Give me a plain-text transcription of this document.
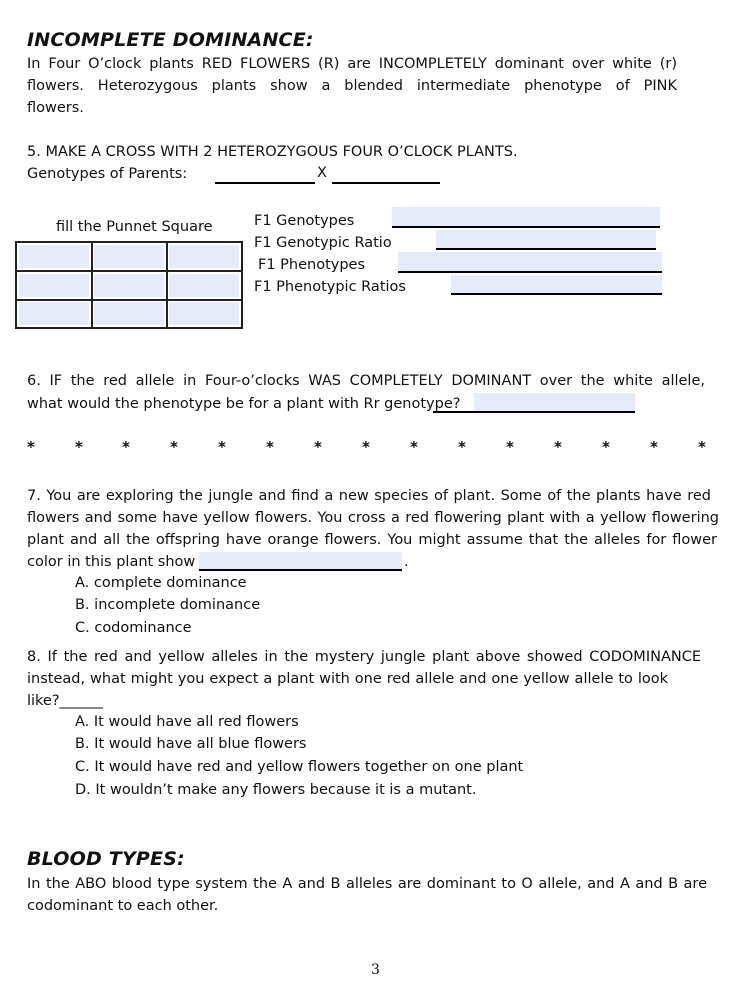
INCOMPLETE DOMINANCE:
In Four O’clock plants RED FLOWERS (R) are INCOMPLETELY dominant over white (r)
flowers. Heterozygous plants show a blended intermediate phenotype of PINK
flowers.
5. MAKE A CROSS WITH 2 HETEROZYGOUS FOUR O’CLOCK PLANTS.
Genotypes of Parents:	X
fill the Punnet Square	F1 Genotypes
F1 Genotypic Ratio
F1 Phenotypes
F1 Phenotypic Ratios
6. IF the red allele in Four-o’clocks WAS COMPLETELY DOMINANT over the white allele,
what would the phenotype be for a plant with Rr genotype?
*	*	*	*	*	*	*	*	*	*	*	*	*	*	*
7. You are exploring the jungle and find a new species of plant. Some of the plants have red
flowers and some have yellow flowers. You cross a red flowering plant with a yellow flowering
plant and all the offspring have orange flowers. You might assume that the alleles for flower
color in this plant show	.
A. complete dominance
B. incomplete dominance
C. codominance
8. If the red and yellow alleles in the mystery jungle plant above showed CODOMINANCE
instead, what might you expect a plant with one red allele and one yellow allele to look
like?______
A. It would have all red flowers
B. It would have all blue flowers
C. It would have red and yellow flowers together on one plant
D. It wouldn’t make any flowers because it is a mutant.
BLOOD TYPES:
In the ABO blood type system the A and B alleles are dominant to O allele, and A and B are
codominant to each other.
3
